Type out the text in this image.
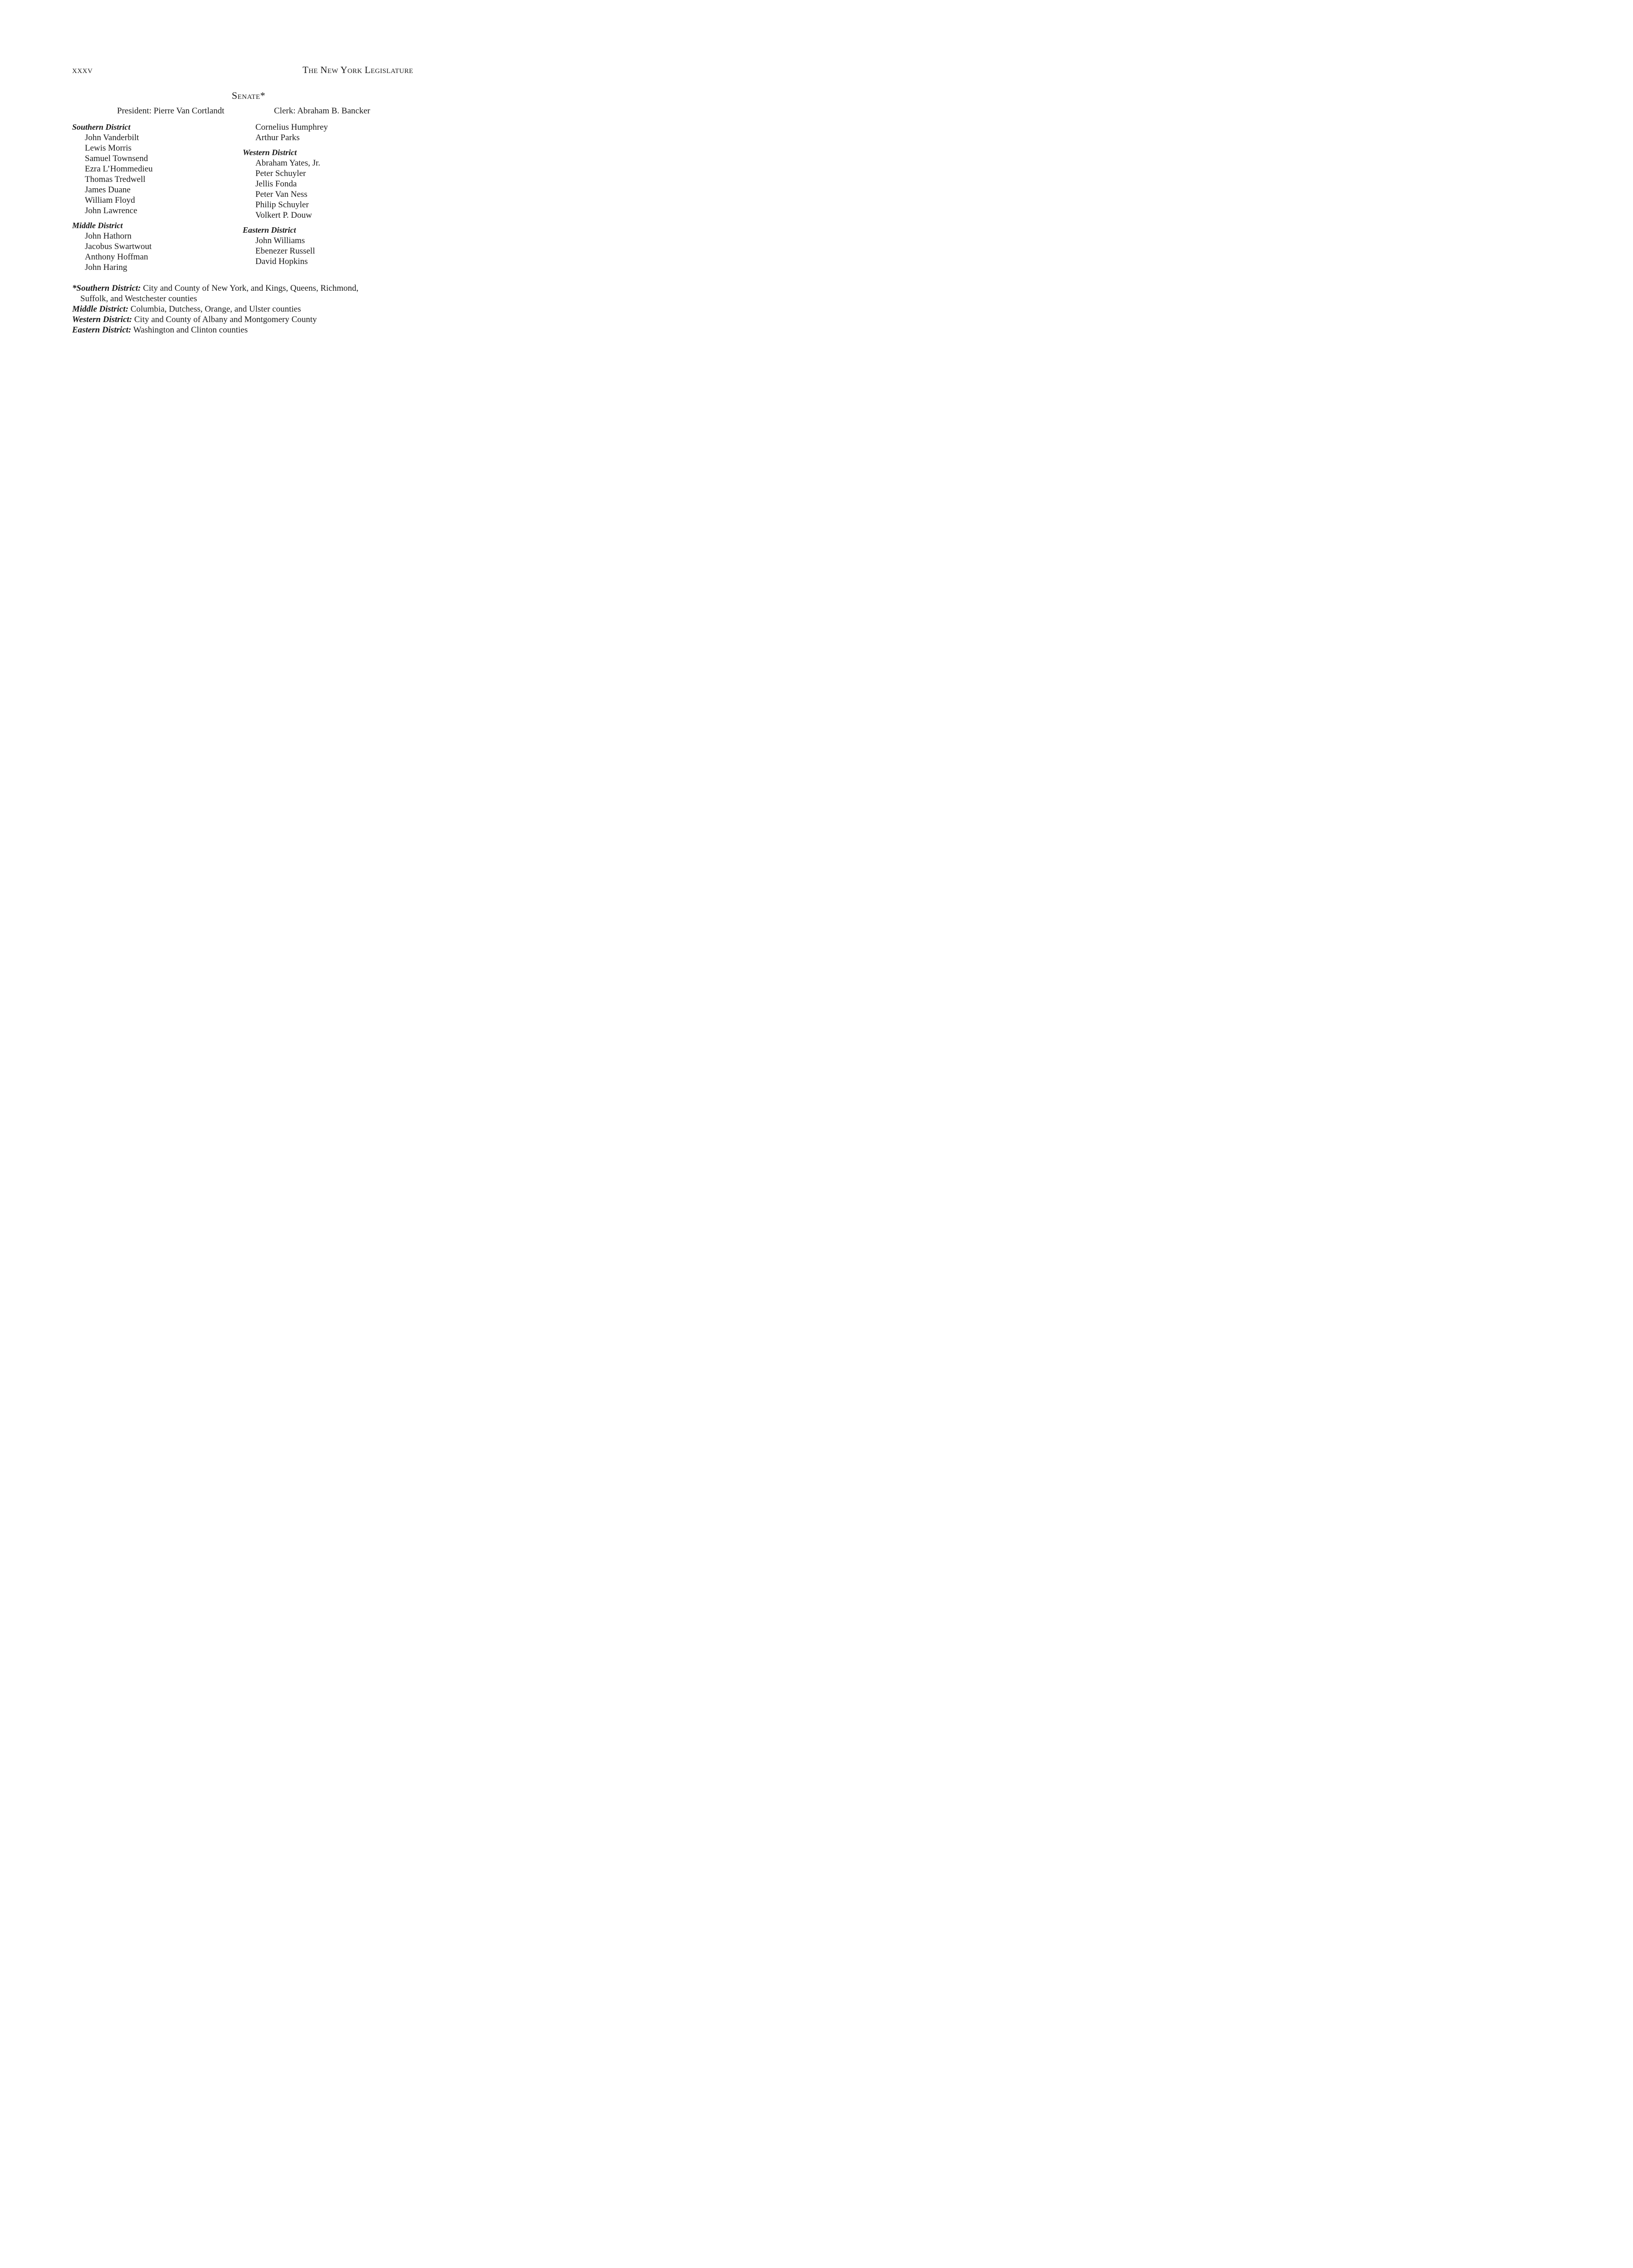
xxxv	The New York Legislature
Senate*
President: Pierre Van Cortlandt	Clerk: Abraham B. Bancker
Southern District
John Vanderbilt
Lewis Morris
Samuel Townsend
Ezra L’Hommedieu
Thomas Tredwell
James Duane
William Floyd
John Lawrence
Middle District
John Hathorn
Jacobus Swartwout
Anthony Hoffman
John Haring
Cornelius Humphrey
Arthur Parks
Western District
Abraham Yates, Jr.
Peter Schuyler
Jellis Fonda
Peter Van Ness
Philip Schuyler
Volkert P. Douw
Eastern District
John Williams
Ebenezer Russell
David Hopkins
*Southern District: City and County of New York, and Kings, Queens, Richmond,
Suffolk, and Westchester counties
Middle District: Columbia, Dutchess, Orange, and Ulster counties
Western District: City and County of Albany and Montgomery County
Eastern District: Washington and Clinton counties
